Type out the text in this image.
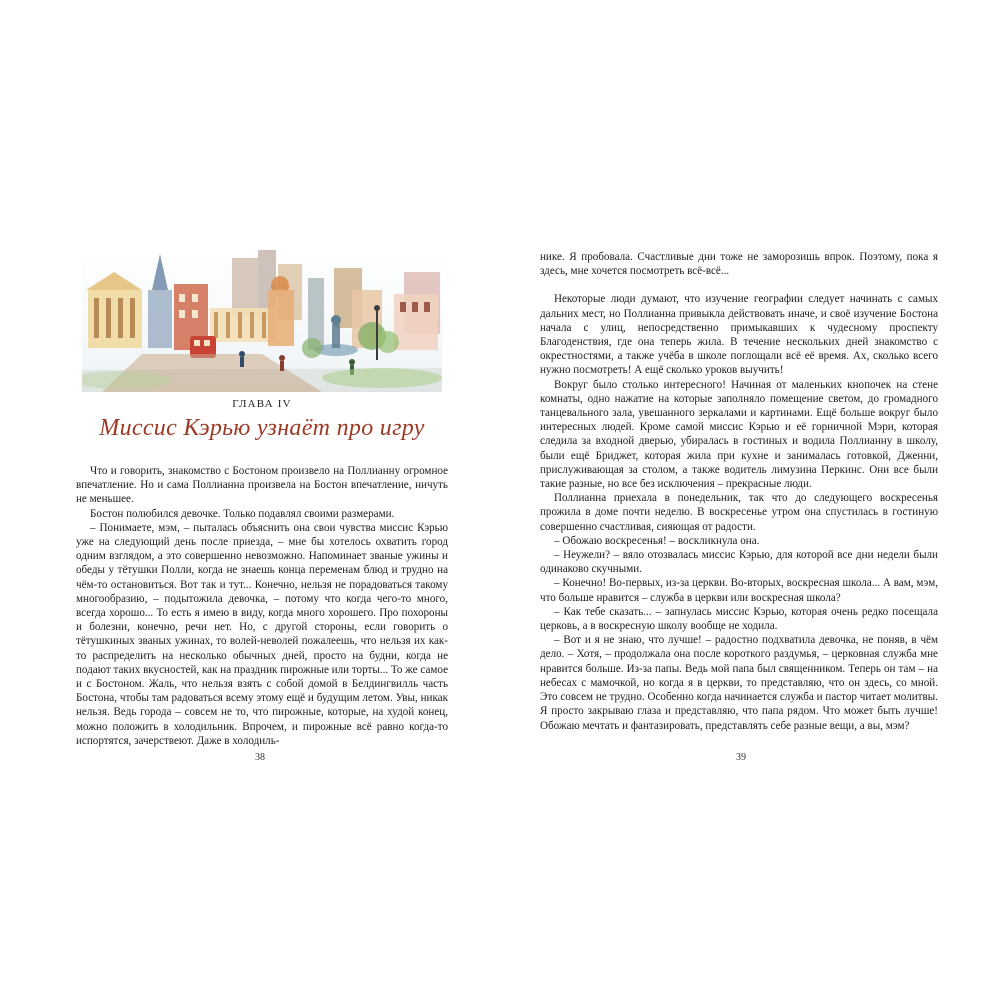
ГЛАВА IV
Миссис Кэрью узнаёт про игру

Что и говорить, знакомство с Бостоном произвело на Поллианну огромное впечатление. Но и сама Поллианна произвела на Бостон впечатление, ничуть не меньшее.

Бостон полюбился девочке. Только подавлял своими размерами.

– Понимаете, мэм, – пыталась объяснить она свои чувства миссис Кэрью уже на следующий день после приезда, – мне бы хотелось охватить город одним взглядом, а это совершенно невозможно. Напоминает званые ужины и обеды у тётушки Полли, когда не знаешь конца переменам блюд и трудно на чём-то остановиться. Вот так и тут... Конечно, нельзя не порадоваться такому многообразию, – подытожила девочка, – потому что когда чего-то много, всегда хорошо... То есть я имею в виду, когда много хорошего. Про похороны и болезни, конечно, речи нет. Но, с другой стороны, если говорить о тётушкиных званых ужинах, то волей-неволей пожалеешь, что нельзя их как-то распределить на несколько обычных дней, просто на будни, когда не подают таких вкусностей, как на праздник пирожные или торты... То же самое и с Бостоном. Жаль, что нельзя взять с собой домой в Белдингвилль часть Бостона, чтобы там радоваться всему этому ещё и будущим летом. Увы, никак нельзя. Ведь города – совсем не то, что пирожные, которые, на худой конец, можно положить в холодильник. Впрочем, и пирожные всё равно когда-то испортятся, зачерствеют. Даже в холодиль-

38

нике. Я пробовала. Счастливые дни тоже не заморозишь впрок. Поэтому, пока я здесь, мне хочется посмотреть всё-всё...

Некоторые люди думают, что изучение географии следует начинать с самых дальних мест, но Поллианна привыкла действовать иначе, и своё изучение Бостона начала с улиц, непосредственно примыкавших к чудесному проспекту Благоденствия, где она теперь жила. В течение нескольких дней знакомство с окрестностями, а также учёба в школе поглощали всё её время. Ах, сколько всего нужно посмотреть! А ещё сколько уроков выучить!

Вокруг было столько интересного! Начиная от маленьких кнопочек на стене комнаты, одно нажатие на которые заполняло помещение светом, до громадного танцевального зала, увешанного зеркалами и картинами. Ещё больше вокруг было интересных людей. Кроме самой миссис Кэрью и её горничной Мэри, которая следила за входной дверью, убиралась в гостиных и водила Поллианну в школу, были ещё Бриджет, которая жила при кухне и занималась готовкой, Дженни, прислуживающая за столом, а также водитель лимузина Перкинс. Они все были такие разные, но все без исключения – прекрасные люди.

Поллианна приехала в понедельник, так что до следующего воскресенья прожила в доме почти неделю. В воскресенье утром она спустилась в гостиную совершенно счастливая, сияющая от радости.

– Обожаю воскресенья! – воскликнула она.

– Неужели? – вяло отозвалась миссис Кэрью, для которой все дни недели были одинаково скучными.

– Конечно! Во-первых, из-за церкви. Во-вторых, воскресная школа... А вам, мэм, что больше нравится – служба в церкви или воскресная школа?

– Как тебе сказать... – запнулась миссис Кэрью, которая очень редко посещала церковь, а в воскресную школу вообще не ходила.

– Вот и я не знаю, что лучше! – радостно подхватила девочка, не поняв, в чём дело. – Хотя, – продолжала она после короткого раздумья, – церковная служба мне нравится больше. Из-за папы. Ведь мой папа был священником. Теперь он там – на небесах с мамочкой, но когда я в церкви, то представляю, что он здесь, со мной. Это совсем не трудно. Особенно когда начинается служба и пастор читает молитвы. Я просто закрываю глаза и представляю, что папа рядом. Что может быть лучше! Обожаю мечтать и фантазировать, представлять себе разные вещи, а вы, мэм?

39
